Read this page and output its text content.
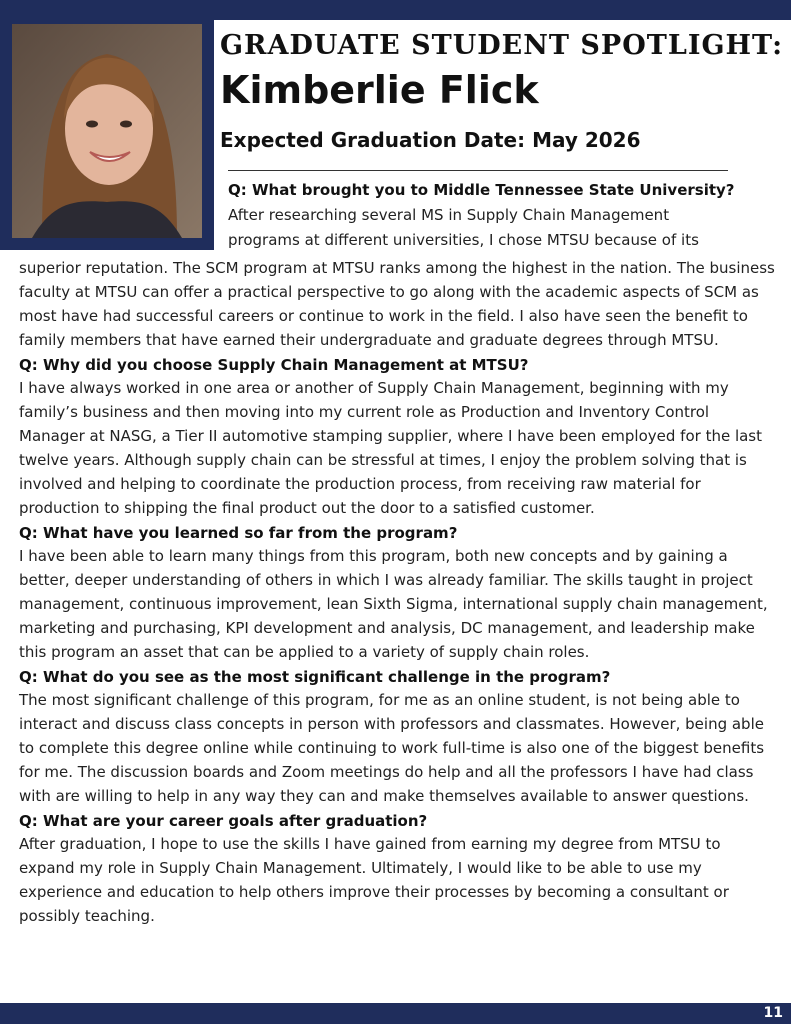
GRADUATE STUDENT SPOTLIGHT:
Kimberlie Flick
Expected Graduation Date: May 2026

Q: What brought you to Middle Tennessee State University?

After researching several MS in Supply Chain Management

programs at different universities, I chose MTSU because of its

superior reputation. The SCM program at MTSU ranks among the highest in the nation. The business faculty at MTSU can offer a practical perspective to go along with the academic aspects of SCM as most have had successful careers or continue to work in the field. I also have seen the benefit to family members that have earned their undergraduate and graduate degrees through MTSU.

Q: Why did you choose Supply Chain Management at MTSU?

I have always worked in one area or another of Supply Chain Management, beginning with my family’s business and then moving into my current role as Production and Inventory Control Manager at NASG, a Tier II automotive stamping supplier, where I have been employed for the last twelve years. Although supply chain can be stressful at times, I enjoy the problem solving that is involved and helping to coordinate the production process, from receiving raw material for production to shipping the final product out the door to a satisfied customer.

Q: What have you learned so far from the program?

I have been able to learn many things from this program, both new concepts and by gaining a better, deeper understanding of others in which I was already familiar. The skills taught in project management, continuous improvement, lean Sixth Sigma, international supply chain management, marketing and purchasing, KPI development and analysis, DC management, and leadership make this program an asset that can be applied to a variety of supply chain roles.

Q: What do you see as the most significant challenge in the program?

The most significant challenge of this program, for me as an online student, is not being able to interact and discuss class concepts in person with professors and classmates. However, being able to complete this degree online while continuing to work full-time is also one of the biggest benefits for me. The discussion boards and Zoom meetings do help and all the professors I have had class with are willing to help in any way they can and make themselves available to answer questions.

Q: What are your career goals after graduation?

After graduation, I hope to use the skills I have gained from earning my degree from MTSU to expand my role in Supply Chain Management. Ultimately, I would like to be able to use my experience and education to help others improve their processes by becoming a consultant or possibly teaching.

11
